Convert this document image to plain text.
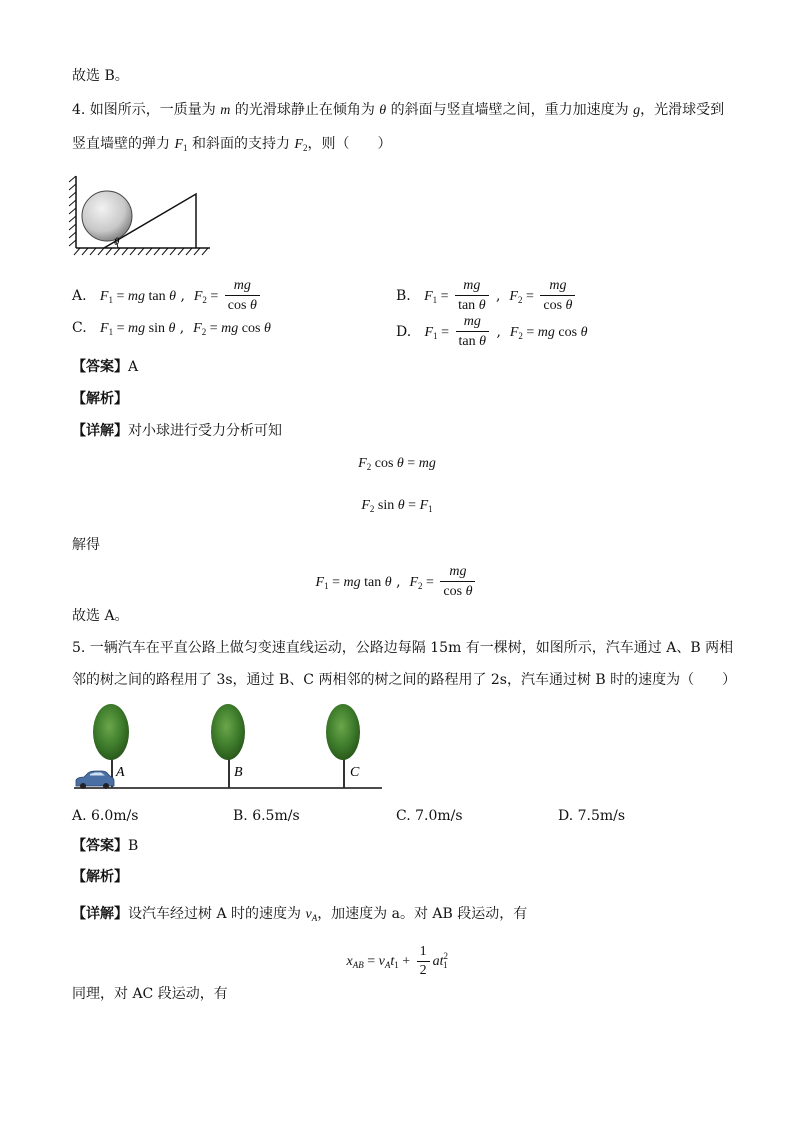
故选 B。
4. 如图所示，一质量为 m 的光滑球静止在倾角为 θ 的斜面与竖直墙壁之间，重力加速度为 g，光滑球受到
竖直墙壁的弹力 $F_1$ 和斜面的支持力 $F_2$，则（　　）
θ
A. $F_1$ = mg tan θ ,  $F_2 = \frac{mg}{\text{cos θ}}$	B. $F_1 = \frac{mg}{\text{tan θ}}$ ,  $F_2 = \frac{mg}{\text{cos θ}}$
C. $F_1$ = mg sin θ ,  $F_2$ = mg cos θ	D. $F_1 = \frac{mg}{\text{tan θ}}$ ,  $F_2$ = mg cos θ
【答案】A
【解析】
【详解】对小球进行受力分析可知
$F_2$ cos θ = mg
$F_2$ $\sin \theta = F_1$
解得
$F_1$ = mg tan θ ,  $F_2 = \frac{mg}{\text{cos θ}}$
故选 A。
5. 一辆汽车在平直公路上做匀变速直线运动，公路边每隔 15m 有一棵树，如图所示，汽车通过 A、B 两相
邻的树之间的路程用了 3s，通过 B、C 两相邻的树之间的路程用了 2s，汽车通过树 B 时的速度为（　　）
A	B	C
A. 6.0m/s	B. 6.5m/s	C. 7.0m/s	D. 7.5m/s
【答案】B
【解析】
【详解】设汽车经过树 A 时的速度为 $v_A$，加速度为 a。对 AB 段运动，有
$x_{AB} = v_At_1 + \frac{1}{2} at^2_1$
同理，对 AC 段运动，有
